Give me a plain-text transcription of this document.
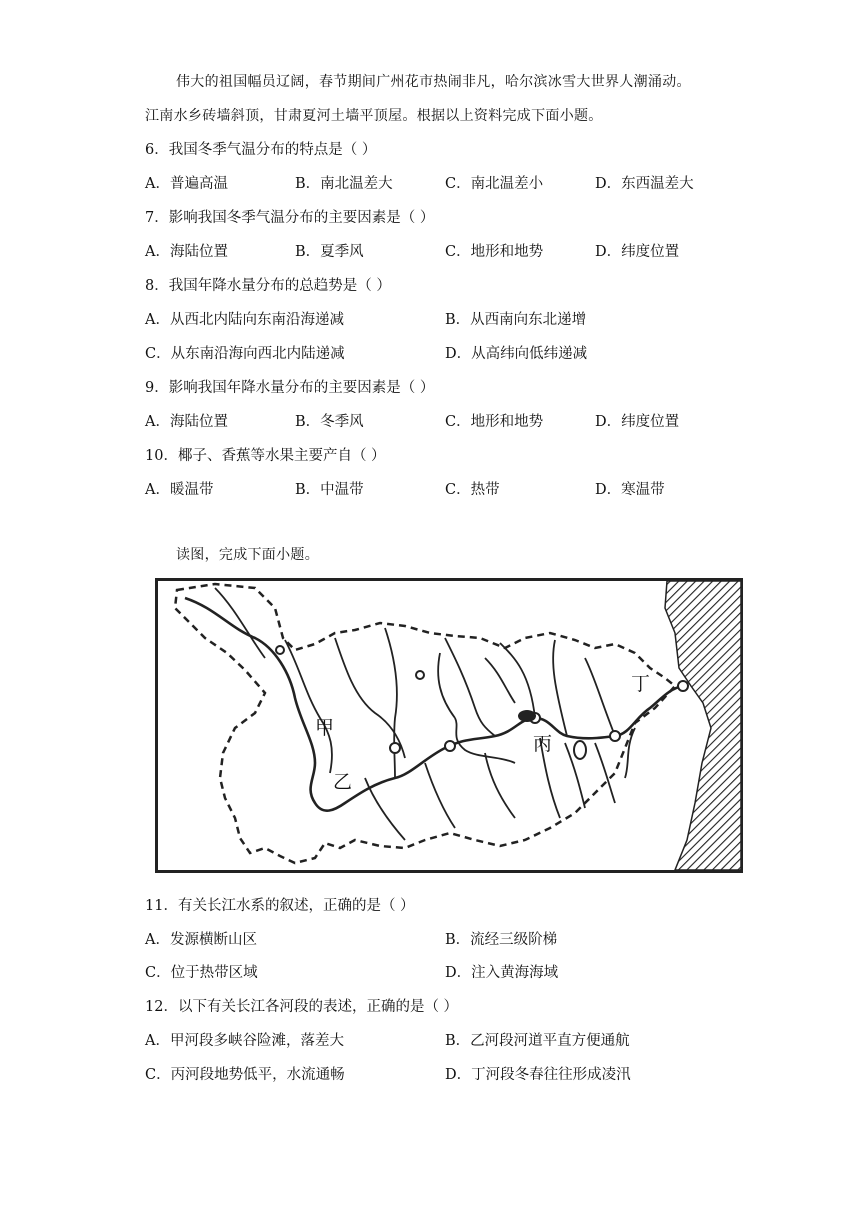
伟大的祖国幅员辽阔，春节期间广州花市热闹非凡，哈尔滨冰雪大世界人潮涌动。
江南水乡砖墙斜顶，甘肃夏河土墙平顶屋。根据以上资料完成下面小题。
6．我国冬季气温分布的特点是（ ）
A．普遍高温	B．南北温差大	C．南北温差小	D．东西温差大
7．影响我国冬季气温分布的主要因素是（ ）
A．海陆位置	B．夏季风	C．地形和地势	D．纬度位置
8．我国年降水量分布的总趋势是（ ）
A．从西北内陆向东南沿海递减	B．从西南向东北递增
C．从东南沿海向西北内陆递减	D．从高纬向低纬递减
9．影响我国年降水量分布的主要因素是（ ）
A．海陆位置	B．冬季风	C．地形和地势	D．纬度位置
10．椰子、香蕉等水果主要产自（ ）
A．暖温带	B．中温带	C．热带	D．寒温带
读图，完成下面小题。
甲
乙
丙
丁
11．有关长江水系的叙述，正确的是（ ）
A．发源横断山区	B．流经三级阶梯
C．位于热带区域	D．注入黄海海域
12．以下有关长江各河段的表述，正确的是（ ）
A．甲河段多峡谷险滩，落差大	B．乙河段河道平直方便通航
C．丙河段地势低平，水流通畅	D．丁河段冬春往往形成凌汛
